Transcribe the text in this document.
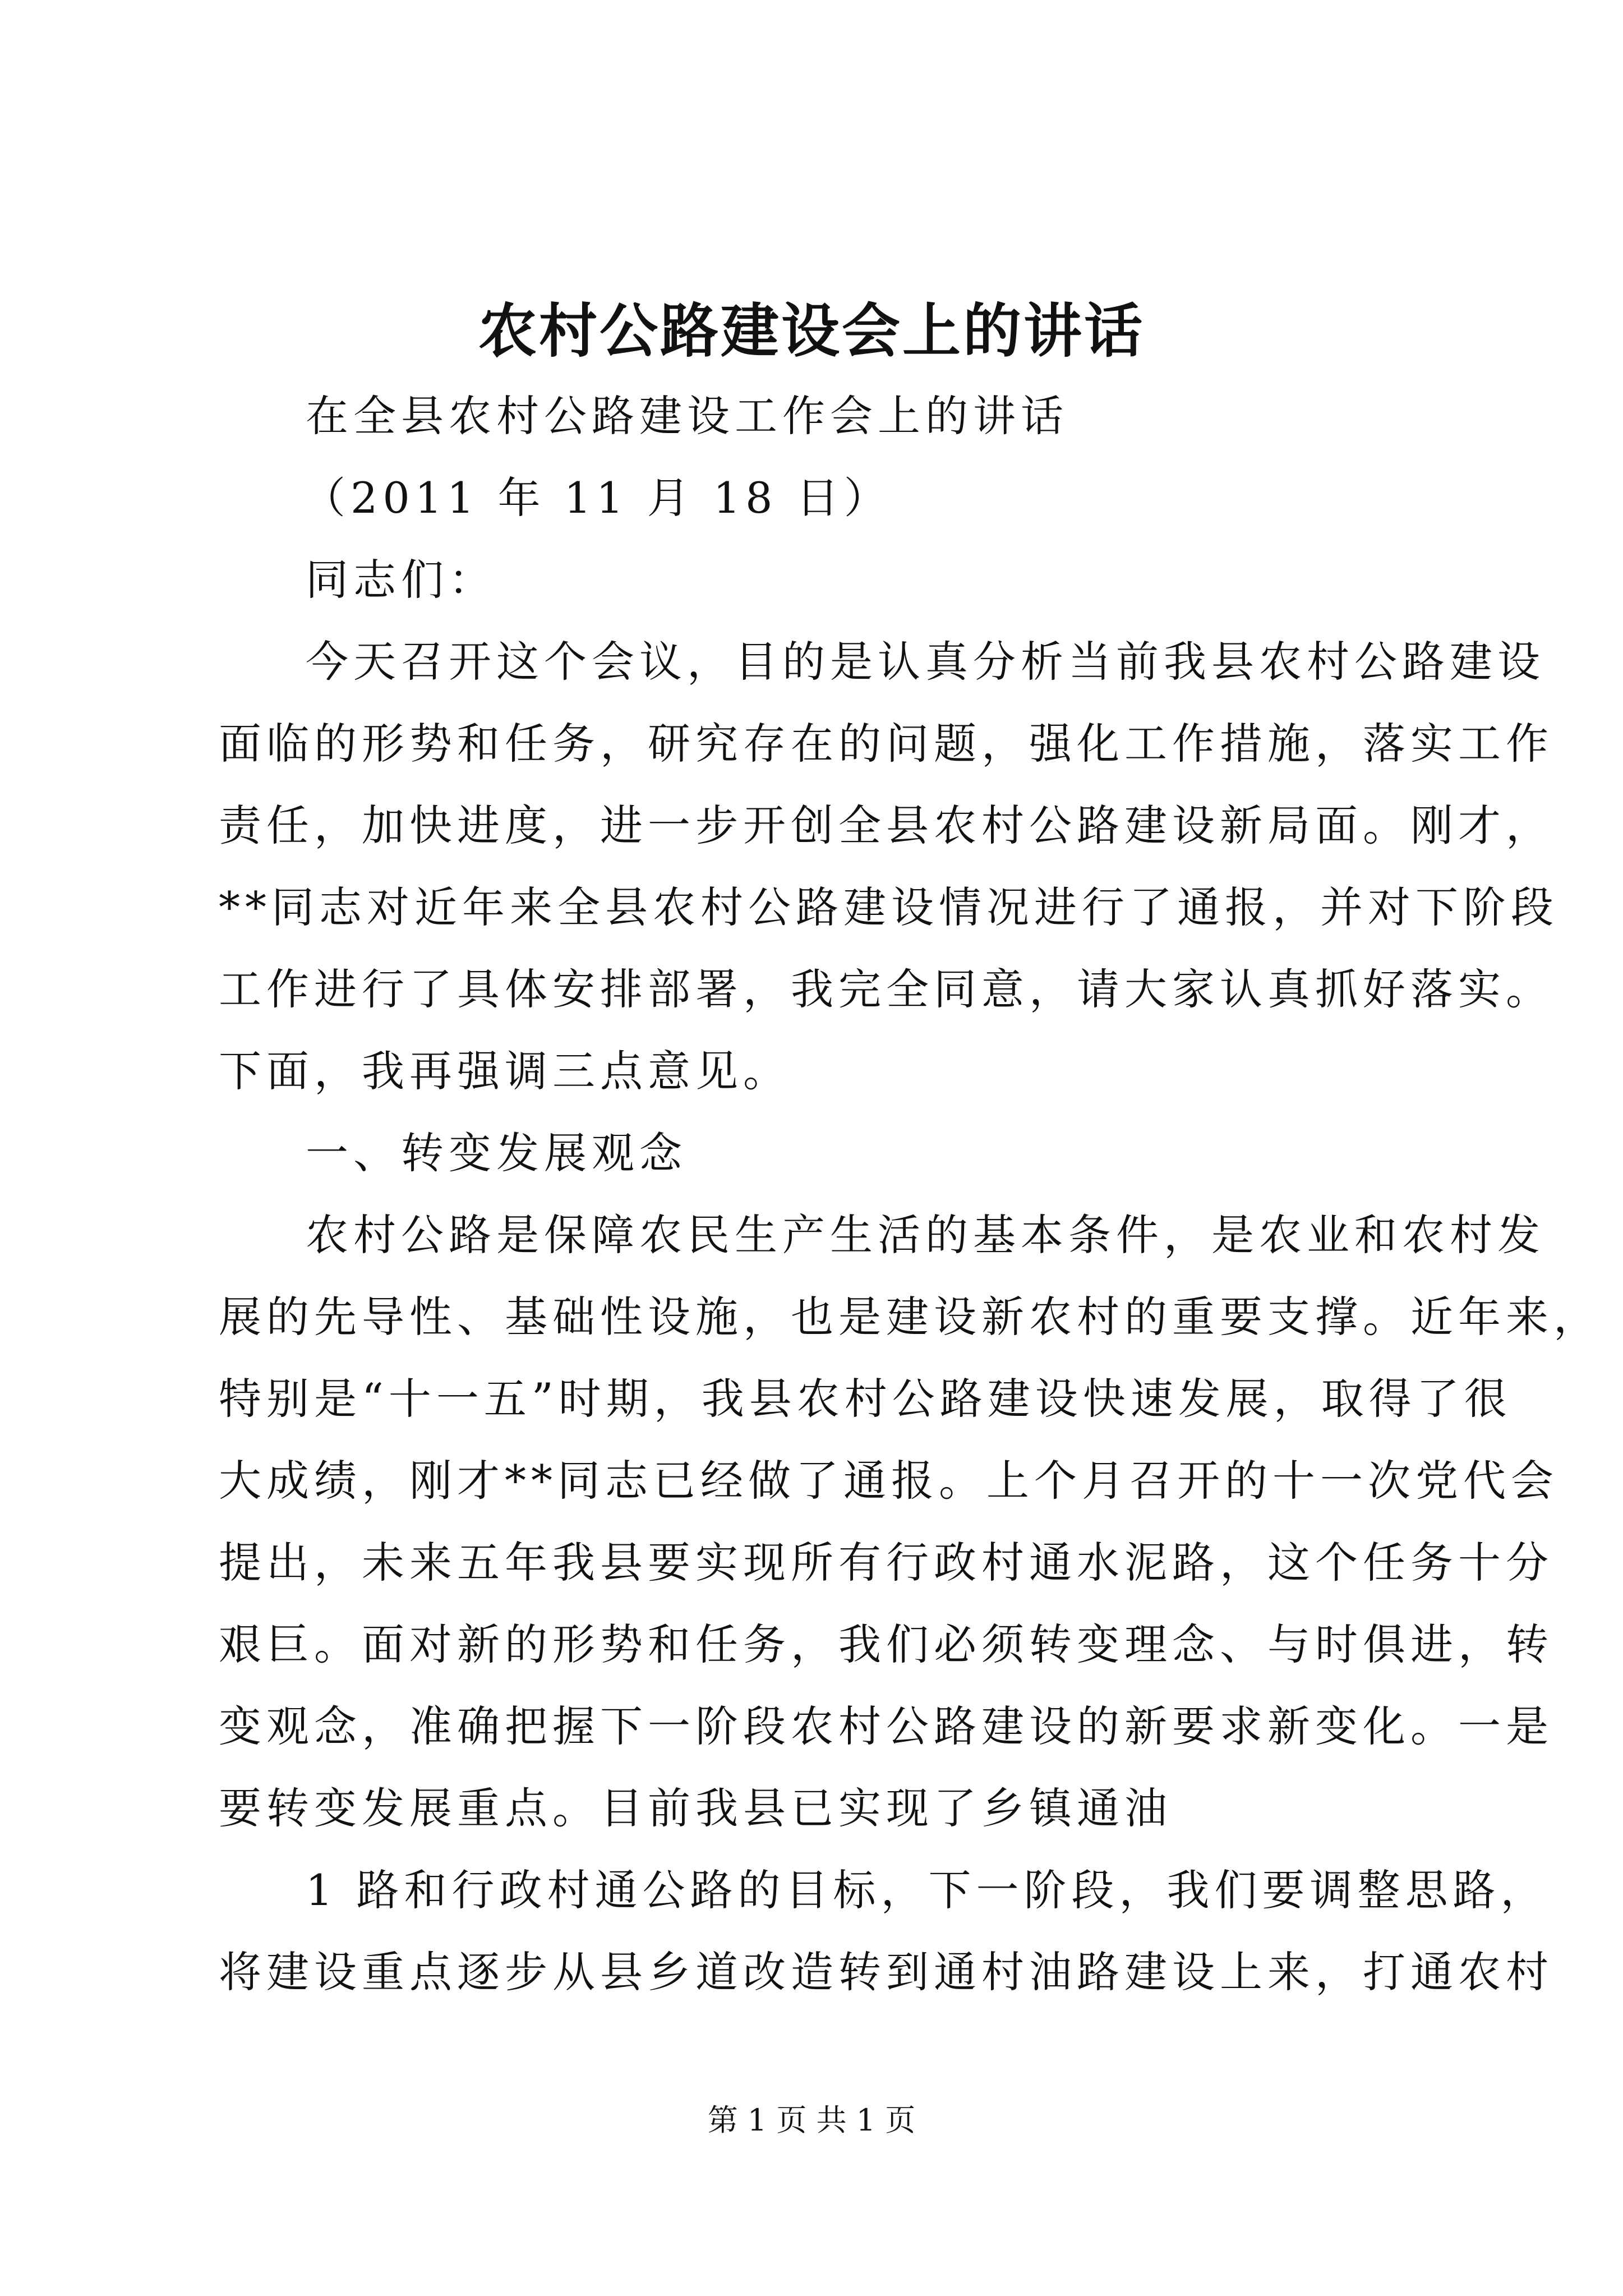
农村公路建设会上的讲话
在全县农村公路建设工作会上的讲话
（2011 年 11 月 18 日）
同志们：
今天召开这个会议，目的是认真分析当前我县农村公路建设
面临的形势和任务，研究存在的问题，强化工作措施，落实工作
责任，加快进度，进一步开创全县农村公路建设新局面。刚才，
**同志对近年来全县农村公路建设情况进行了通报，并对下阶段
工作进行了具体安排部署，我完全同意，请大家认真抓好落实。
下面，我再强调三点意见。
一、转变发展观念
农村公路是保障农民生产生活的基本条件，是农业和农村发
展的先导性、基础性设施，也是建设新农村的重要支撑。近年来，
特别是“十一五”时期，我县农村公路建设快速发展，取得了很
大成绩，刚才**同志已经做了通报。上个月召开的十一次党代会
提出，未来五年我县要实现所有行政村通水泥路，这个任务十分
艰巨。面对新的形势和任务，我们必须转变理念、与时俱进，转
变观念，准确把握下一阶段农村公路建设的新要求新变化。一是
要转变发展重点。目前我县已实现了乡镇通油
1 路和行政村通公路的目标，下一阶段，我们要调整思路，
将建设重点逐步从县乡道改造转到通村油路建设上来，打通农村
第 1 页 共 1 页
